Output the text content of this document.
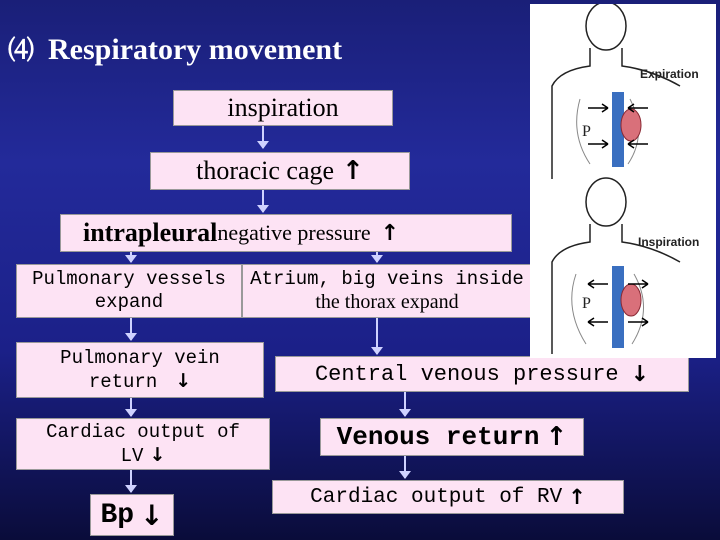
⑷ Respiratory movement
inspiration
thoracic cage ↑
intrapleural negative pressure ↑
Pulmonary vessels
expand
Atrium, big veins inside
the thorax expand
Pulmonary vein
return ↓	Central venous pressure ↓
Cardiac output of
LV ↓
Venous return ↑
Bp ↓
Cardiac output of RV ↑
P
Expiration
P
Inspiration
